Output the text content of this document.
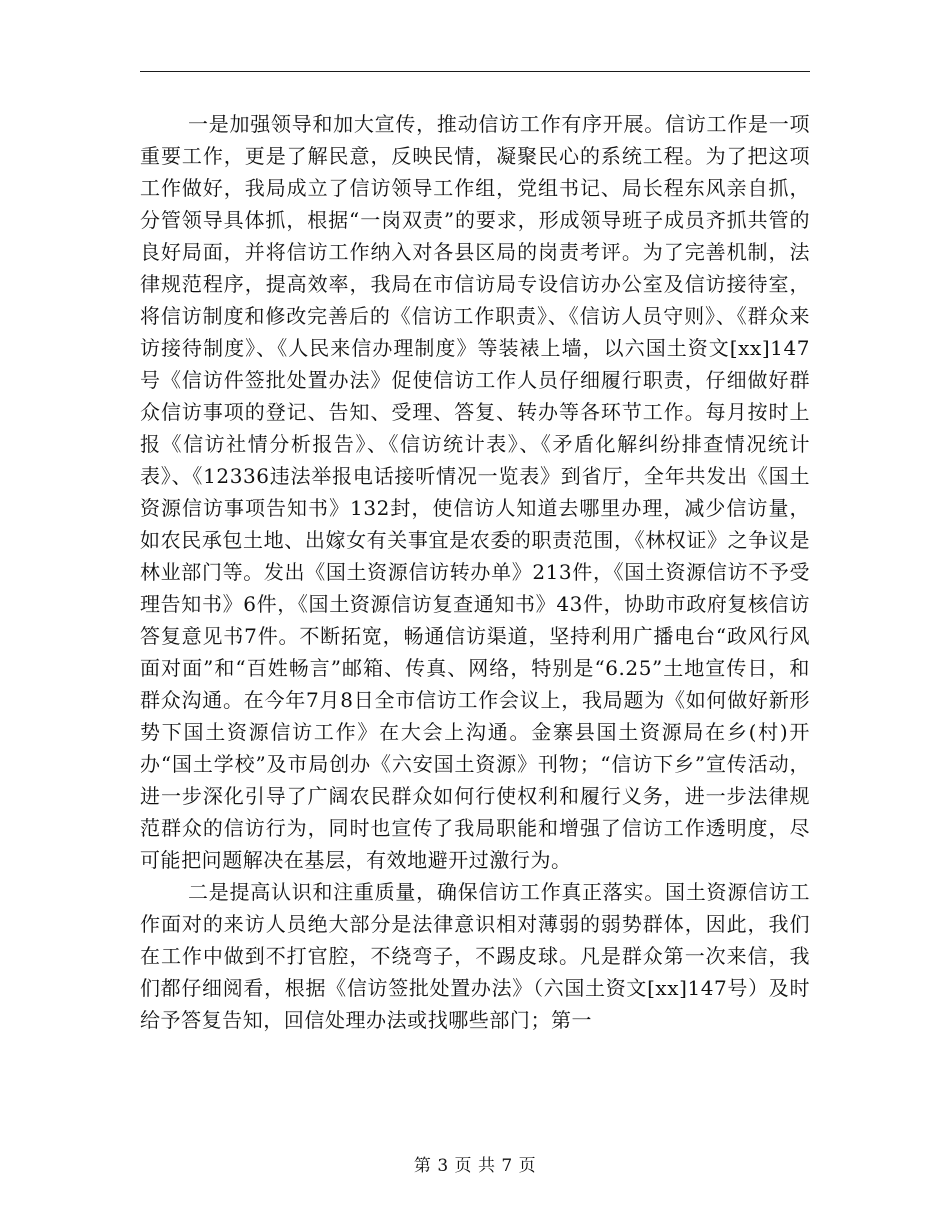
一是加强领导和加大宣传，推动信访工作有序开展。信访工作是一项重要工作，更是了解民意，反映民情，凝聚民心的系统工程。为了把这项工作做好，我局成立了信访领导工作组，党组书记、局长程东风亲自抓，分管领导具体抓，根据“一岗双责”的要求，形成领导班子成员齐抓共管的良好局面，并将信访工作纳入对各县区局的岗责考评。为了完善机制，法律规范程序，提高效率，我局在市信访局专设信访办公室及信访接待室，将信访制度和修改完善后的《信访工作职责》、《信访人员守则》、《群众来访接待制度》、《人民来信办理制度》等装裱上墙，以六国土资文[xx]147号《信访件签批处置办法》促使信访工作人员仔细履行职责，仔细做好群众信访事项的登记、告知、受理、答复、转办等各环节工作。每月按时上报《信访社情分析报告》、《信访统计表》、《矛盾化解纠纷排查情况统计表》、《12336违法举报电话接听情况一览表》到省厅，全年共发出《国土资源信访事项告知书》132封，使信访人知道去哪里办理，减少信访量，如农民承包土地、出嫁女有关事宜是农委的职责范围，《林权证》之争议是林业部门等。发出《国土资源信访转办单》213件，《国土资源信访不予受理告知书》6件，《国土资源信访复查通知书》43件，协助市政府复核信访答复意见书7件。不断拓宽，畅通信访渠道，坚持利用广播电台“政风行风面对面”和“百姓畅言”邮箱、传真、网络，特别是“6.25”土地宣传日，和群众沟通。在今年7月8日全市信访工作会议上，我局题为《如何做好新形势下国土资源信访工作》在大会上沟通。金寨县国土资源局在乡(村)开办“国土学校”及市局创办《六安国土资源》刊物；“信访下乡”宣传活动，进一步深化引导了广阔农民群众如何行使权利和履行义务，进一步法律规范群众的信访行为，同时也宣传了我局职能和增强了信访工作透明度，尽可能把问题解决在基层，有效地避开过激行为。

二是提高认识和注重质量，确保信访工作真正落实。国土资源信访工作面对的来访人员绝大部分是法律意识相对薄弱的弱势群体，因此，我们在工作中做到不打官腔，不绕弯子，不踢皮球。凡是群众第一次来信，我们都仔细阅看，根据《信访签批处置办法》（六国土资文[xx]147号）及时给予答复告知，回信处理办法或找哪些部门；第一

第 3 页 共 7 页
